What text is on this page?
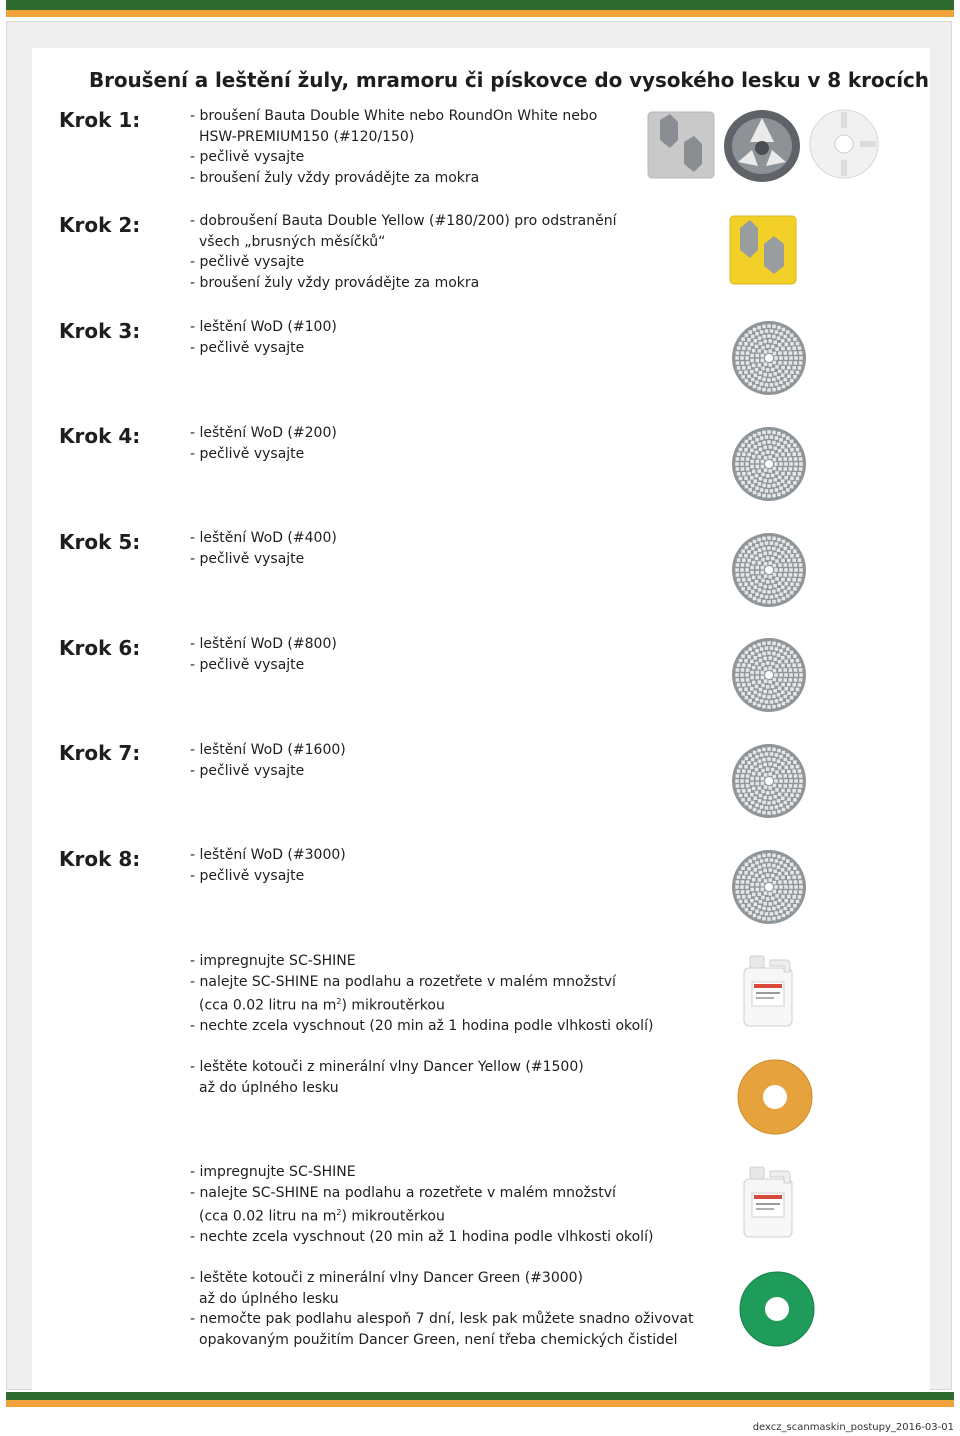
Broušení a leštění žuly, mramoru či pískovce do vysokého lesku v 8 krocích
Krok 1:
Krok 2:
Krok 3:
Krok 4:
Krok 5:
Krok 6:
Krok 7:
Krok 8:
- broušení Bauta Double White nebo RoundOn White nebo
HSW-PREMIUM150 (#120/150)
- pečlivě vysajte
- broušení žuly vždy provádějte za mokra
- dobroušení Bauta Double Yellow (#180/200) pro odstranění
všech „brusných měsíčků“
- pečlivě vysajte
- broušení žuly vždy provádějte za mokra
- leštění WoD (#100)
- pečlivě vysajte
- leštění WoD (#200)
- pečlivě vysajte
- leštění WoD (#400)
- pečlivě vysajte
- leštění WoD (#800)
- pečlivě vysajte
- leštění WoD (#1600)
- pečlivě vysajte
- leštění WoD (#3000)
- pečlivě vysajte
- impregnujte SC-SHINE
- nalejte SC-SHINE na podlahu a rozetřete v malém množství
(cca 0.02 litru na $m^2$) mikroutěrkou
- nechte zcela vyschnout (20 min až 1 hodina podle vlhkosti okolí)
- leštěte kotouči z minerální vlny Dancer Yellow (#1500)
až do úplného lesku
- impregnujte SC-SHINE
- nalejte SC-SHINE na podlahu a rozetřete v malém množství
(cca 0.02 litru na $m^2$) mikroutěrkou
- nechte zcela vyschnout (20 min až 1 hodina podle vlhkosti okolí)
- leštěte kotouči z minerální vlny Dancer Green (#3000)
až do úplného lesku
- nemočte pak podlahu alespoň 7 dní, lesk pak můžete snadno oživovat
opakovaným použitím Dancer Green, není třeba chemických čistidel
dexcz_scanmaskin_postupy_2016-03-01
